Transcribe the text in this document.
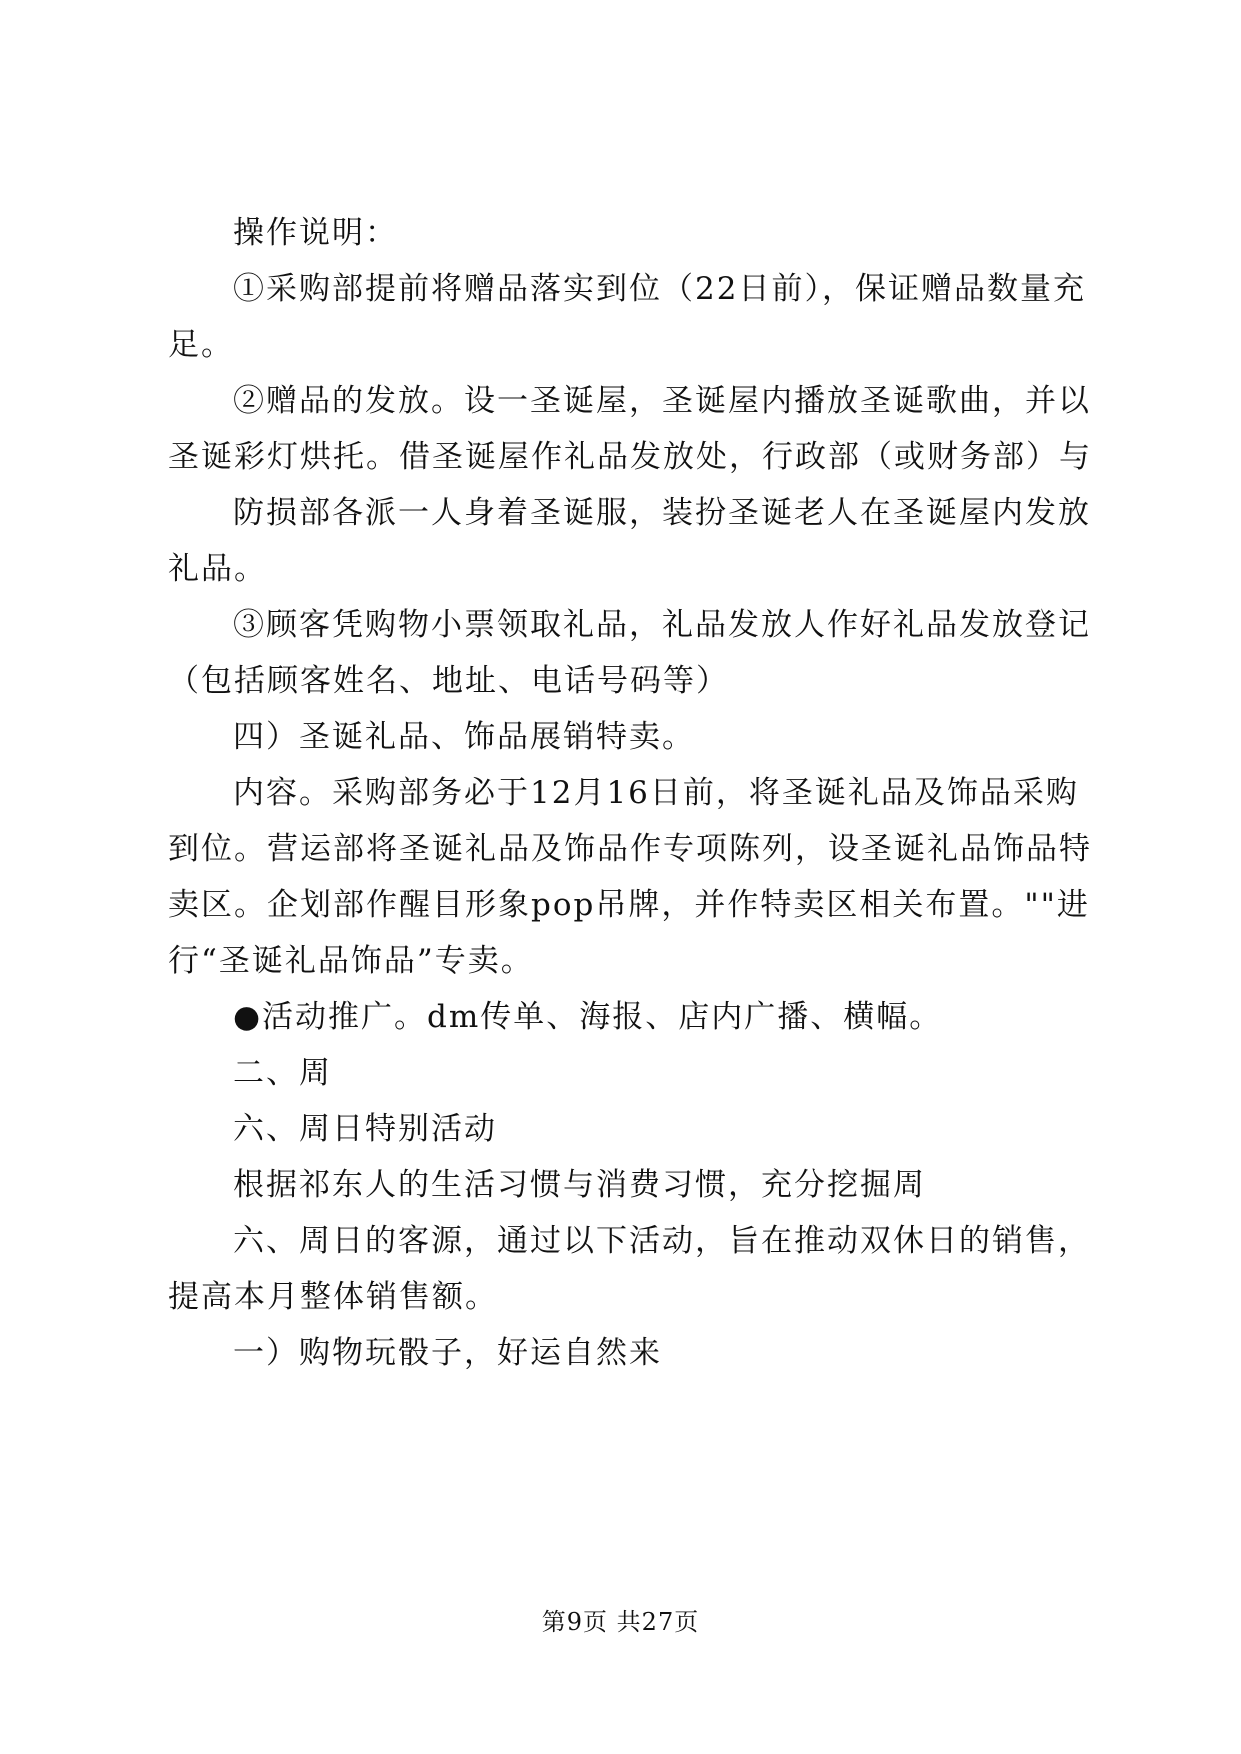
操作说明：
①采购部提前将赠品落实到位（22日前），保证赠品数量充
足。
②赠品的发放。设一圣诞屋，圣诞屋内播放圣诞歌曲，并以
圣诞彩灯烘托。借圣诞屋作礼品发放处，行政部（或财务部）与
防损部各派一人身着圣诞服，装扮圣诞老人在圣诞屋内发放
礼品。
③顾客凭购物小票领取礼品，礼品发放人作好礼品发放登记
（包括顾客姓名、地址、电话号码等）
四）圣诞礼品、饰品展销特卖。
内容。采购部务必于12月16日前，将圣诞礼品及饰品采购
到位。营运部将圣诞礼品及饰品作专项陈列，设圣诞礼品饰品特
卖区。企划部作醒目形象pop吊牌，并作特卖区相关布置。""进
行“圣诞礼品饰品”专卖。
●活动推广。dm传单、海报、店内广播、横幅。
二、周
六、周日特别活动
根据祁东人的生活习惯与消费习惯，充分挖掘周
六、周日的客源，通过以下活动，旨在推动双休日的销售，
提高本月整体销售额。
一）购物玩骰子，好运自然来
第9页 共27页
